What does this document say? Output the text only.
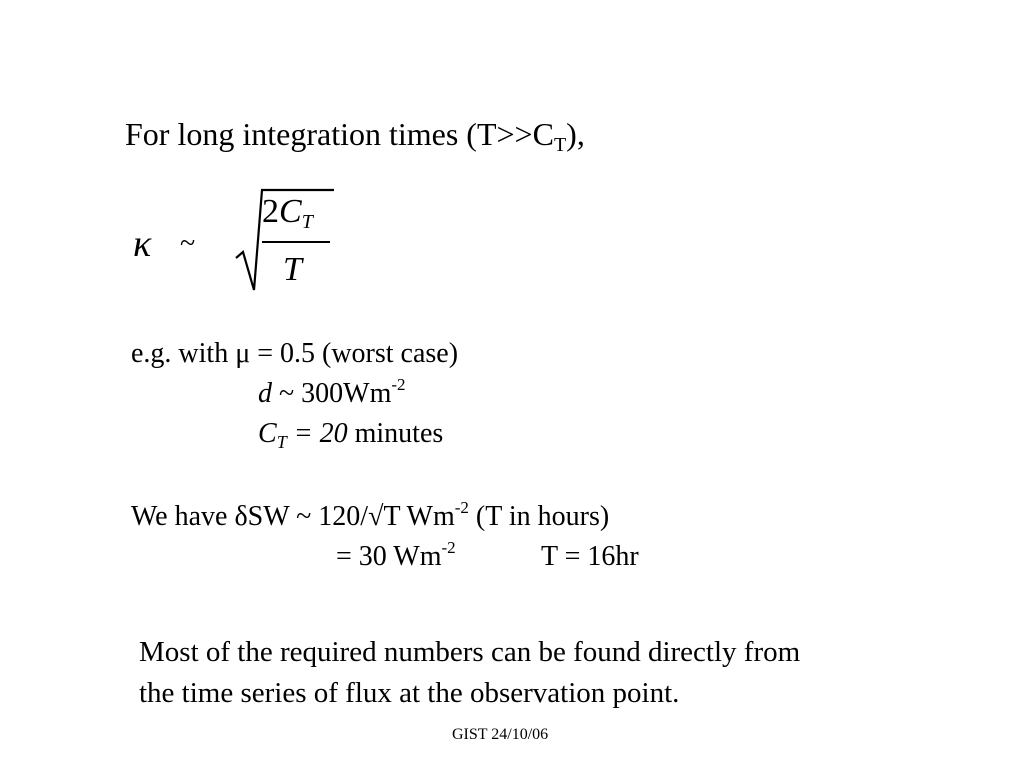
For long integration times $(T>>C_T)$,
κ ~
$2C_T$
T
e.g. with μ = 0.5 (worst case)
d ~ $300Wm^{-2}$
$C_T = 20$ minutes
We have δSW ~ 120/√T $Wm^{-2}$ (T in hours)
= 30 $Wm^{-2}$	T = 16hr
Most of the required numbers can be found directly from
the time series of flux at the observation point.
GIST 24/10/06
